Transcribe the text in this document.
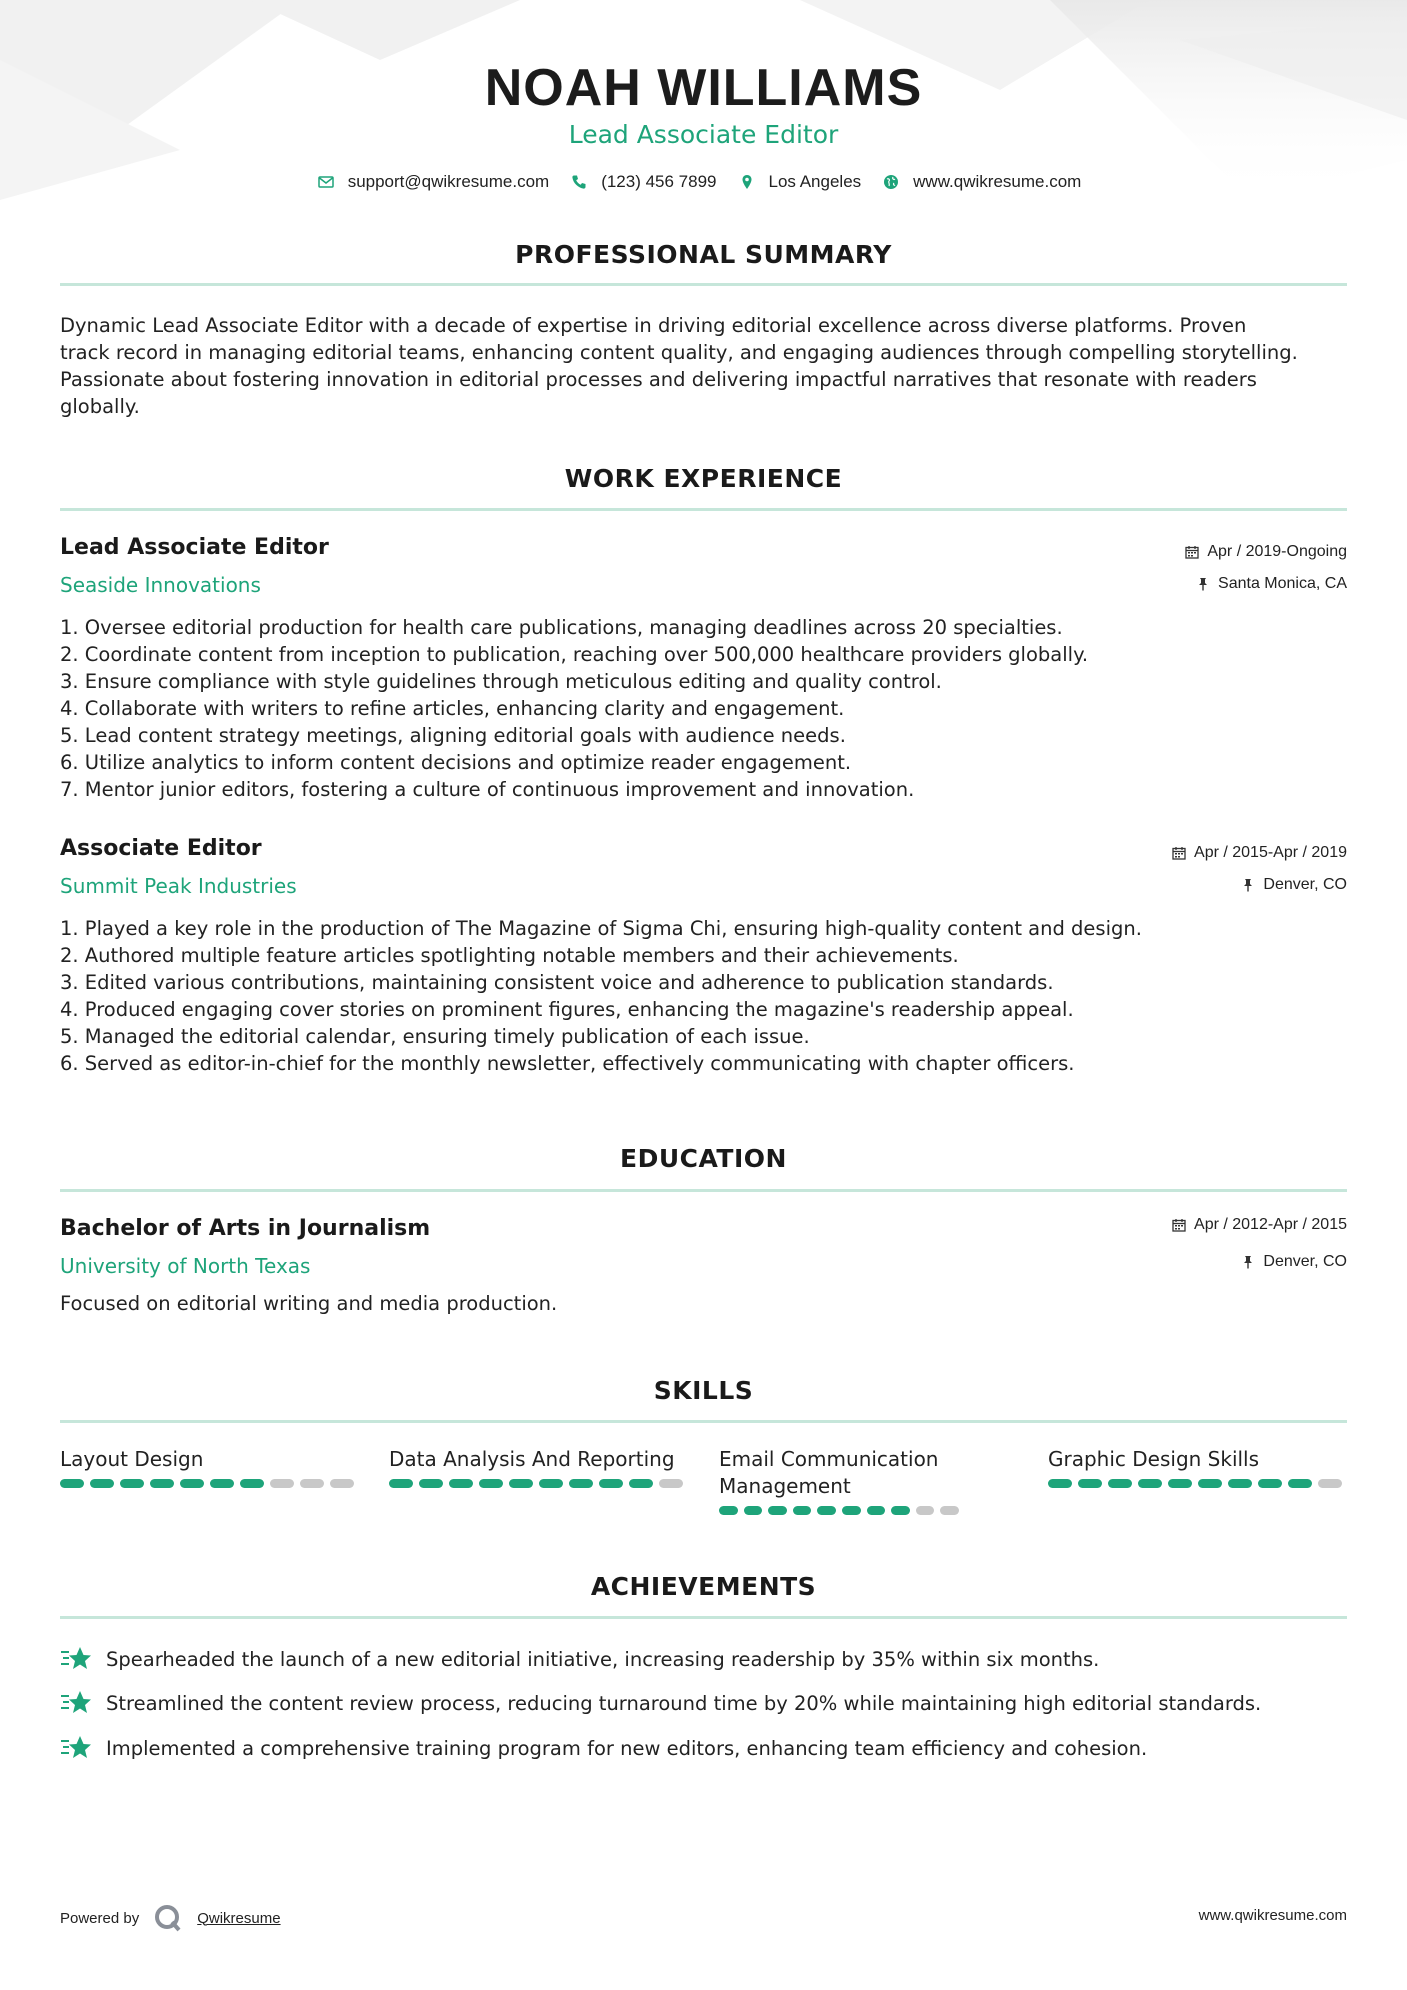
NOAH WILLIAMS
Lead Associate Editor
support@qwikresume.com	(123) 456 7899	Los Angeles	www.qwikresume.com
PROFESSIONAL SUMMARY
Dynamic Lead Associate Editor with a decade of expertise in driving editorial excellence across diverse platforms. Proven
track record in managing editorial teams, enhancing content quality, and engaging audiences through compelling storytelling.
Passionate about fostering innovation in editorial processes and delivering impactful narratives that resonate with readers
globally.
WORK EXPERIENCE
Lead Associate Editor
Seaside Innovations
Apr / 2019-Ongoing
Santa Monica, CA
1. Oversee editorial production for health care publications, managing deadlines across 20 specialties.
2. Coordinate content from inception to publication, reaching over 500,000 healthcare providers globally.
3. Ensure compliance with style guidelines through meticulous editing and quality control.
4. Collaborate with writers to refine articles, enhancing clarity and engagement.
5. Lead content strategy meetings, aligning editorial goals with audience needs.
6. Utilize analytics to inform content decisions and optimize reader engagement.
7. Mentor junior editors, fostering a culture of continuous improvement and innovation.
Associate Editor
Summit Peak Industries
Apr / 2015-Apr / 2019
Denver, CO
1. Played a key role in the production of The Magazine of Sigma Chi, ensuring high-quality content and design.
2. Authored multiple feature articles spotlighting notable members and their achievements.
3. Edited various contributions, maintaining consistent voice and adherence to publication standards.
4. Produced engaging cover stories on prominent figures, enhancing the magazine's readership appeal.
5. Managed the editorial calendar, ensuring timely publication of each issue.
6. Served as editor-in-chief for the monthly newsletter, effectively communicating with chapter officers.
EDUCATION
Bachelor of Arts in Journalism
University of North Texas
Apr / 2012-Apr / 2015
Denver, CO
Focused on editorial writing and media production.
SKILLS
Layout Design	Data Analysis And Reporting	Email Communication Management
Graphic Design Skills
ACHIEVEMENTS
Spearheaded the launch of a new editorial initiative, increasing readership by 35% within six months.
Streamlined the content review process, reducing turnaround time by 20% while maintaining high editorial standards.
Implemented a comprehensive training program for new editors, enhancing team efficiency and cohesion.
Powered by	Qwikresume	www.qwikresume.com
